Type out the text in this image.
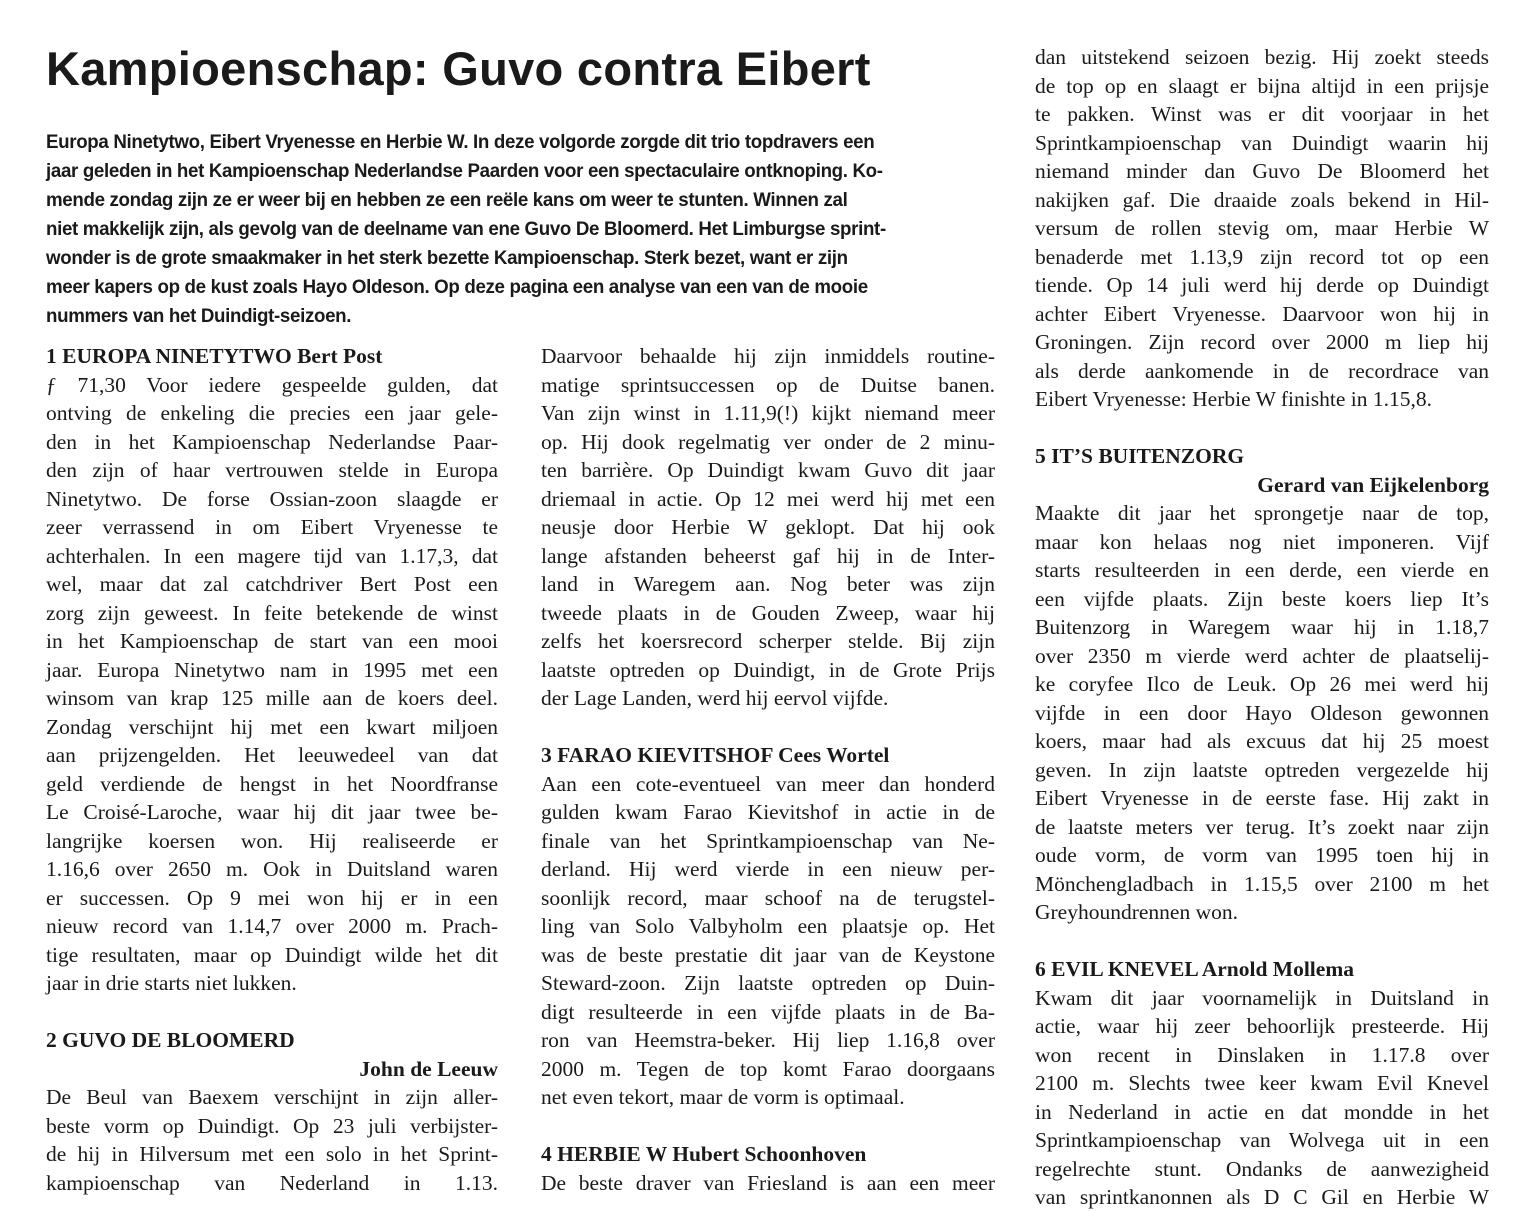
Kampioenschap: Guvo contra Eibert
Europa Ninetytwo, Eibert Vryenesse en Herbie W. In deze volgorde zorgde dit trio topdravers een
jaar geleden in het Kampioenschap Nederlandse Paarden voor een spectaculaire ontknoping. Ko-
mende zondag zijn ze er weer bij en hebben ze een reële kans om weer te stunten. Winnen zal
niet makkelijk zijn, als gevolg van de deelname van ene Guvo De Bloomerd. Het Limburgse sprint-
wonder is de grote smaakmaker in het sterk bezette Kampioenschap. Sterk bezet, want er zijn
meer kapers op de kust zoals Hayo Oldeson. Op deze pagina een analyse van een van de mooie
nummers van het Duindigt-seizoen.
1 EUROPA NINETYTWO Bert Post
ƒ 71,30 Voor iedere gespeelde gulden, dat
ontving de enkeling die precies een jaar gele-
den in het Kampioenschap Nederlandse Paar-
den zijn of haar vertrouwen stelde in Europa
Ninetytwo. De forse Ossian-zoon slaagde er
zeer verrassend in om Eibert Vryenesse te
achterhalen. In een magere tijd van 1.17,3, dat
wel, maar dat zal catchdriver Bert Post een
zorg zijn geweest. In feite betekende de winst
in het Kampioenschap de start van een mooi
jaar. Europa Ninetytwo nam in 1995 met een
winsom van krap 125 mille aan de koers deel.
Zondag verschijnt hij met een kwart miljoen
aan prijzengelden. Het leeuwedeel van dat
geld verdiende de hengst in het Noordfranse
Le Croisé-Laroche, waar hij dit jaar twee be-
langrijke koersen won. Hij realiseerde er
1.16,6 over 2650 m. Ook in Duitsland waren
er successen. Op 9 mei won hij er in een
nieuw record van 1.14,7 over 2000 m. Prach-
tige resultaten, maar op Duindigt wilde het dit
jaar in drie starts niet lukken.
2 GUVO DE BLOOMERD
John de Leeuw
De Beul van Baexem verschijnt in zijn aller-
beste vorm op Duindigt. Op 23 juli verbijster-
de hij in Hilversum met een solo in het Sprint-
kampioenschap van Nederland in 1.13.
Daarvoor behaalde hij zijn inmiddels routine-
matige sprintsuccessen op de Duitse banen.
Van zijn winst in 1.11,9(!) kijkt niemand meer
op. Hij dook regelmatig ver onder de 2 minu-
ten barrière. Op Duindigt kwam Guvo dit jaar
driemaal in actie. Op 12 mei werd hij met een
neusje door Herbie W geklopt. Dat hij ook
lange afstanden beheerst gaf hij in de Inter-
land in Waregem aan. Nog beter was zijn
tweede plaats in de Gouden Zweep, waar hij
zelfs het koersrecord scherper stelde. Bij zijn
laatste optreden op Duindigt, in de Grote Prijs
der Lage Landen, werd hij eervol vijfde.
3 FARAO KIEVITSHOF Cees Wortel
Aan een cote-eventueel van meer dan honderd
gulden kwam Farao Kievitshof in actie in de
finale van het Sprintkampioenschap van Ne-
derland. Hij werd vierde in een nieuw per-
soonlijk record, maar schoof na de terugstel-
ling van Solo Valbyholm een plaatsje op. Het
was de beste prestatie dit jaar van de Keystone
Steward-zoon. Zijn laatste optreden op Duin-
digt resulteerde in een vijfde plaats in de Ba-
ron van Heemstra-beker. Hij liep 1.16,8 over
2000 m. Tegen de top komt Farao doorgaans
net even tekort, maar de vorm is optimaal.
4 HERBIE W Hubert Schoonhoven
De beste draver van Friesland is aan een meer
dan uitstekend seizoen bezig. Hij zoekt steeds
de top op en slaagt er bijna altijd in een prijsje
te pakken. Winst was er dit voorjaar in het
Sprintkampioenschap van Duindigt waarin hij
niemand minder dan Guvo De Bloomerd het
nakijken gaf. Die draaide zoals bekend in Hil-
versum de rollen stevig om, maar Herbie W
benaderde met 1.13,9 zijn record tot op een
tiende. Op 14 juli werd hij derde op Duindigt
achter Eibert Vryenesse. Daarvoor won hij in
Groningen. Zijn record over 2000 m liep hij
als derde aankomende in de recordrace van
Eibert Vryenesse: Herbie W finishte in 1.15,8.
5 IT’S BUITENZORG
Gerard van Eijkelenborg
Maakte dit jaar het sprongetje naar de top,
maar kon helaas nog niet imponeren. Vijf
starts resulteerden in een derde, een vierde en
een vijfde plaats. Zijn beste koers liep It’s
Buitenzorg in Waregem waar hij in 1.18,7
over 2350 m vierde werd achter de plaatselij-
ke coryfee Ilco de Leuk. Op 26 mei werd hij
vijfde in een door Hayo Oldeson gewonnen
koers, maar had als excuus dat hij 25 moest
geven. In zijn laatste optreden vergezelde hij
Eibert Vryenesse in de eerste fase. Hij zakt in
de laatste meters ver terug. It’s zoekt naar zijn
oude vorm, de vorm van 1995 toen hij in
Mönchengladbach in 1.15,5 over 2100 m het
Greyhoundrennen won.
6 EVIL KNEVEL Arnold Mollema
Kwam dit jaar voornamelijk in Duitsland in
actie, waar hij zeer behoorlijk presteerde. Hij
won recent in Dinslaken in 1.17.8 over
2100 m. Slechts twee keer kwam Evil Knevel
in Nederland in actie en dat mondde in het
Sprintkampioenschap van Wolvega uit in een
regelrechte stunt. Ondanks de aanwezigheid
van sprintkanonnen als D C Gil en Herbie W
